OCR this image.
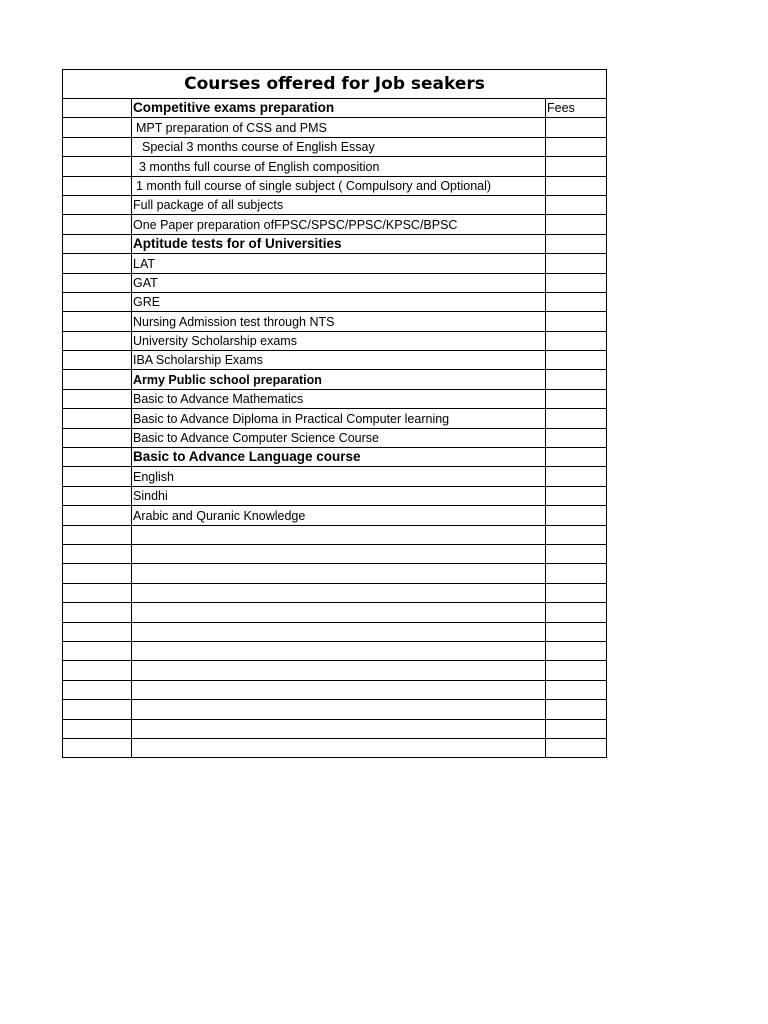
Courses offered for Job seakers		
	Competitive exams preparation	Fees
	MPT preparation of CSS and PMS	
	Special 3 months course of English Essay	
	3 months full course of English composition	
	1 month full course of single subject ( Compulsory and Optional)	
	Full package of all subjects	
	One Paper preparation ofFPSC/SPSC/PPSC/KPSC/BPSC	
	Aptitude tests for of Universities	
	LAT	
	GAT	
	GRE	
	Nursing Admission test through NTS	
	University Scholarship exams	
	IBA Scholarship Exams	
	Army Public school preparation	
	Basic to Advance Mathematics	
	Basic to Advance Diploma in Practical Computer learning	
	Basic to Advance Computer Science Course	
	Basic to Advance Language course	
	English	
	Sindhi	
	Arabic and Quranic Knowledge	
